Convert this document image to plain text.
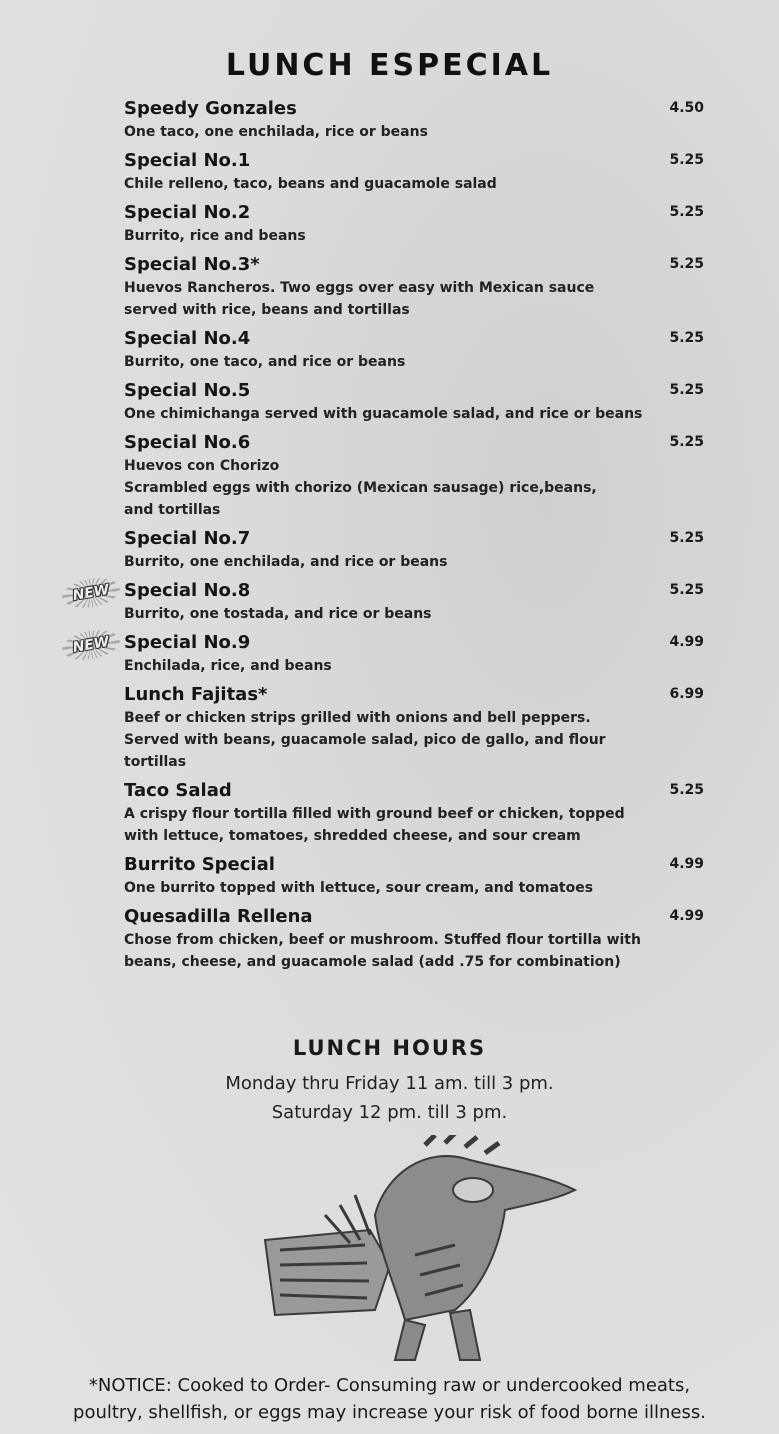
LUNCH ESPECIAL
Speedy Gonzales	4.50
One taco, one enchilada, rice or beans
Special No.1	5.25
Chile relleno, taco, beans and guacamole salad
Special No.2	5.25
Burrito, rice and beans
Special No.3*	5.25
Huevos Rancheros. Two eggs over easy with Mexican sauce
served with rice, beans and tortillas
Special No.4	5.25
Burrito, one taco, and rice or beans
Special No.5	5.25
One chimichanga served with guacamole salad, and rice or beans
Special No.6	5.25
Huevos con Chorizo
Scrambled eggs with chorizo (Mexican sausage) rice,beans,
and tortillas
Special No.7	5.25
Burrito, one enchilada, and rice or beans
NEW Special No.8	5.25
Burrito, one tostada, and rice or beans
NEW Special No.9	4.99
Enchilada, rice, and beans
Lunch Fajitas*	6.99
Beef or chicken strips grilled with onions and bell peppers.
Served with beans, guacamole salad, pico de gallo, and flour
tortillas
Taco Salad	5.25
A crispy flour tortilla filled with ground beef or chicken, topped
with lettuce, tomatoes, shredded cheese, and sour cream
Burrito Special	4.99
One burrito topped with lettuce, sour cream, and tomatoes
Quesadilla Rellena	4.99
Chose from chicken, beef or mushroom. Stuffed flour tortilla with
beans, cheese, and guacamole salad (add .75 for combination)
LUNCH HOURS
Monday thru Friday 11 am. till 3 pm.
Saturday 12 pm. till 3 pm.
*NOTICE: Cooked to Order- Consuming raw or undercooked meats,
poultry, shellfish, or eggs may increase your risk of food borne illness.
